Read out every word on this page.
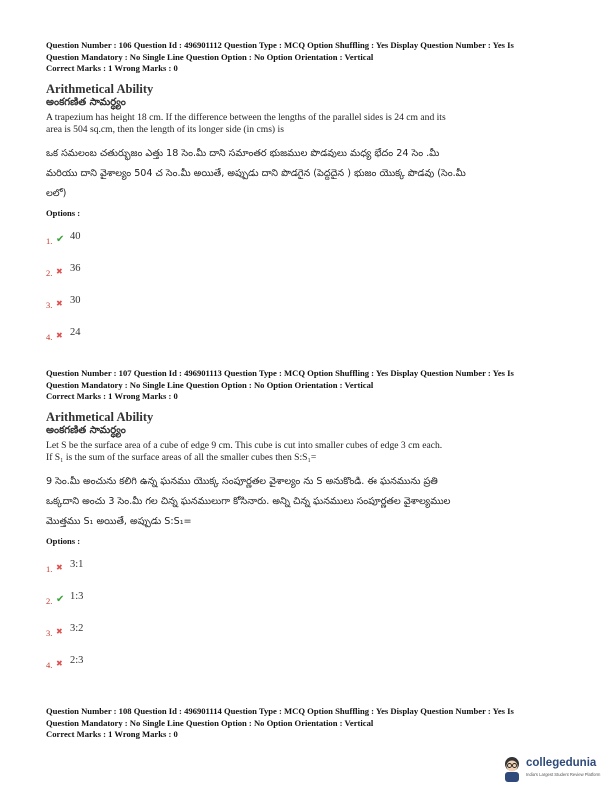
Question Number : 106 Question Id : 496901112 Question Type : MCQ Option Shuffling : Yes Display Question Number : Yes Is
Question Mandatory : No Single Line Question Option : No Option Orientation : Vertical
Correct Marks : 1 Wrong Marks : 0
Arithmetical Ability
అంకగణిత సామర్ధ్యం
A trapezium has height 18 cm. If the difference between the lengths of the parallel sides is 24 cm and its area is 504 sq.cm, then the length of its longer side (in cms) is
ఒక సమలంబ చతుర్భుజం ఎత్తు 18 సెం.మీ దాని సమాంతర భుజముల పొడవులు మధ్య భేదం 24 సెం .మీ మరియు దాని వైశాల్యం 504 చ సెం.మీ అయితే, అప్పుడు దాని పొడగైన (పెద్దదైన ) భుజం యొక్క పొడవు (సెం.మీ లలో)
Options :
1. ✔ 40
2. ✖ 36
3. ✖ 30
4. ✖ 24
Question Number : 107 Question Id : 496901113 Question Type : MCQ Option Shuffling : Yes Display Question Number : Yes Is
Question Mandatory : No Single Line Question Option : No Option Orientation : Vertical
Correct Marks : 1 Wrong Marks : 0
Arithmetical Ability
అంకగణిత సామర్ధ్యం
Let S be the surface area of a cube of edge 9 cm. This cube is cut into smaller cubes of edge 3 cm each. If S₁ is the sum of the surface areas of all the smaller cubes then S:S₁=
9 సెం.మీ అంచును కలిగి ఉన్న ఘనము యొక్క సంపూర్ణతల వైశాల్యం ను S అనుకొండి. ఈ ఘనమును ప్రతి ఒక్కదాని అంచు 3 సెం.మీ గల చిన్న ఘనములుగా కోసినారు. అన్ని చిన్న ఘనములు సంపూర్ణతల వైశాల్యముల మొత్తము S₁ అయితే, అప్పుడు S:S₁=
Options :
1. ✖ 3:1
2. ✔ 1:3
3. ✖ 3:2
4. ✖ 2:3
Question Number : 108 Question Id : 496901114 Question Type : MCQ Option Shuffling : Yes Display Question Number : Yes Is
Question Mandatory : No Single Line Question Option : No Option Orientation : Vertical
Correct Marks : 1 Wrong Marks : 0
collegedunia
India's Largest Student Review Platform
